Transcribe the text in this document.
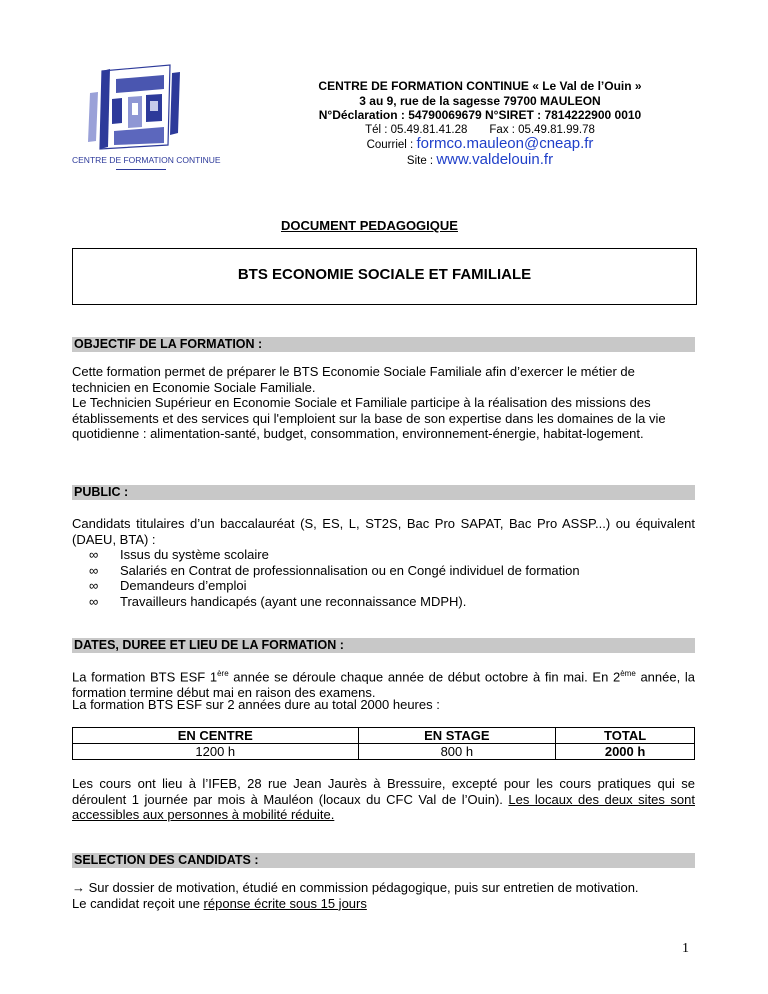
CENTRE DE FORMATION CONTINUE
CENTRE DE FORMATION CONTINUE « Le Val de l’Ouin »
3 au 9, rue de la sagesse 79700 MAULEON
N°Déclaration : 54790069679 N°SIRET : 7814222900 0010
Tél : 05.49.81.41.28 Fax : 05.49.81.99.78
Courriel : formco.mauleon@cneap.fr
Site : www.valdelouin.fr
DOCUMENT PEDAGOGIQUE
BTS ECONOMIE SOCIALE ET FAMILIALE
OBJECTIF DE LA FORMATION :
Cette formation permet de préparer le BTS Economie Sociale Familiale afin d’exercer le métier de technicien en Economie Sociale Familiale.
Le Technicien Supérieur en Economie Sociale et Familiale participe à la réalisation des missions des établissements et des services qui l'emploient sur la base de son expertise dans les domaines de la vie quotidienne : alimentation-santé, budget, consommation, environnement-énergie, habitat-logement.
PUBLIC :
Candidats titulaires d’un baccalauréat (S, ES, L, ST2S, Bac Pro SAPAT, Bac Pro ASSP...) ou équivalent (DAEU, BTA) :
∞ Issus du système scolaire
∞ Salariés en Contrat de professionnalisation ou en Congé individuel de formation
∞ Demandeurs d’emploi
∞ Travailleurs handicapés (ayant une reconnaissance MDPH).
DATES, DUREE ET LIEU DE LA FORMATION :
La formation BTS ESF 1ère année se déroule chaque année de début octobre à fin mai. En 2ème année, la formation termine début mai en raison des examens.
La formation BTS ESF sur 2 années dure au total 2000 heures :
EN CENTRE	EN STAGE	TOTAL
1200 h	800 h	2000 h
Les cours ont lieu à l’IFEB, 28 rue Jean Jaurès à Bressuire, excepté pour les cours pratiques qui se déroulent 1 journée par mois à Mauléon (locaux du CFC Val de l’Ouin). Les locaux des deux sites sont accessibles aux personnes à mobilité réduite.
SELECTION DES CANDIDATS :
→ Sur dossier de motivation, étudié en commission pédagogique, puis sur entretien de motivation.
Le candidat reçoit une réponse écrite sous 15 jours
1
